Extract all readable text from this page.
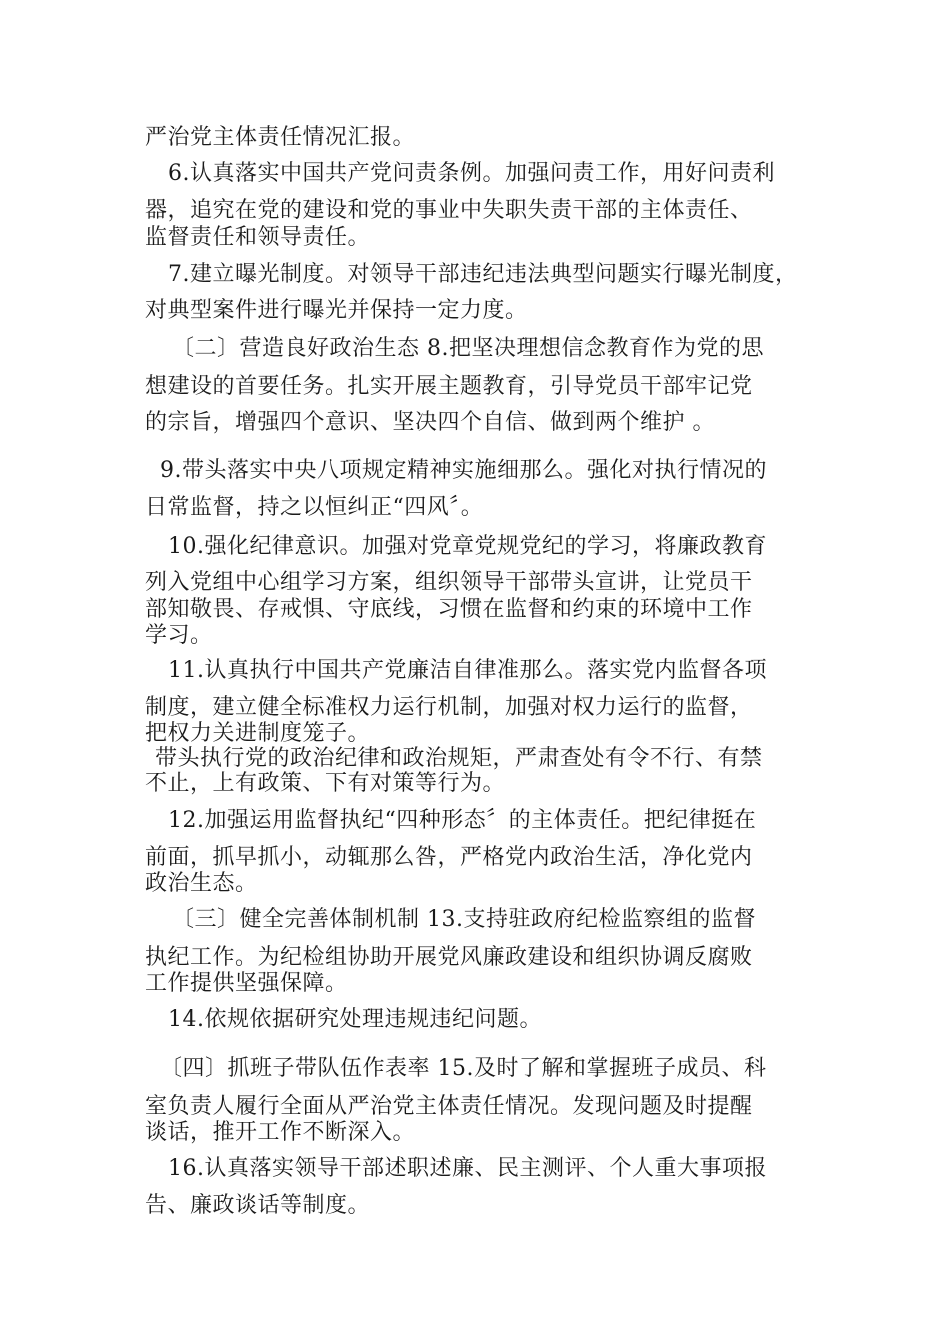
严治党主体责任情况汇报。
6.认真落实中国共产党问责条例。加强问责工作，用好问责利
器，追究在党的建设和党的事业中失职失责干部的主体责任、
监督责任和领导责任。
7.建立曝光制度。对领导干部违纪违法典型问题实行曝光制度，
对典型案件进行曝光并保持一定力度。
〔二〕营造良好政治生态 8.把坚决理想信念教育作为党的思
想建设的首要任务。扎实开展主题教育，引导党员干部牢记党
的宗旨，增强四个意识、坚决四个自信、做到两个维护 。
9.带头落实中央八项规定精神实施细那么。强化对执行情况的
日常监督，持之以恒纠正“四风〞。
10.强化纪律意识。加强对党章党规党纪的学习，将廉政教育
列入党组中心组学习方案，组织领导干部带头宣讲，让党员干
部知敬畏、存戒惧、守底线，习惯在监督和约束的环境中工作
学习。
11.认真执行中国共产党廉洁自律准那么。落实党内监督各项
制度，建立健全标准权力运行机制，加强对权力运行的监督，
把权力关进制度笼子。
带头执行党的政治纪律和政治规矩，严肃查处有令不行、有禁
不止，上有政策、下有对策等行为。
12.加强运用监督执纪“四种形态〞的主体责任。把纪律挺在
前面，抓早抓小，动辄那么咎，严格党内政治生活，净化党内
政治生态。
〔三〕健全完善体制机制 13.支持驻政府纪检监察组的监督
执纪工作。为纪检组协助开展党风廉政建设和组织协调反腐败
工作提供坚强保障。
14.依规依据研究处理违规违纪问题。
〔四〕抓班子带队伍作表率 15.及时了解和掌握班子成员、科
室负责人履行全面从严治党主体责任情况。发现问题及时提醒
谈话，推开工作不断深入。
16.认真落实领导干部述职述廉、民主测评、个人重大事项报
告、廉政谈话等制度。
